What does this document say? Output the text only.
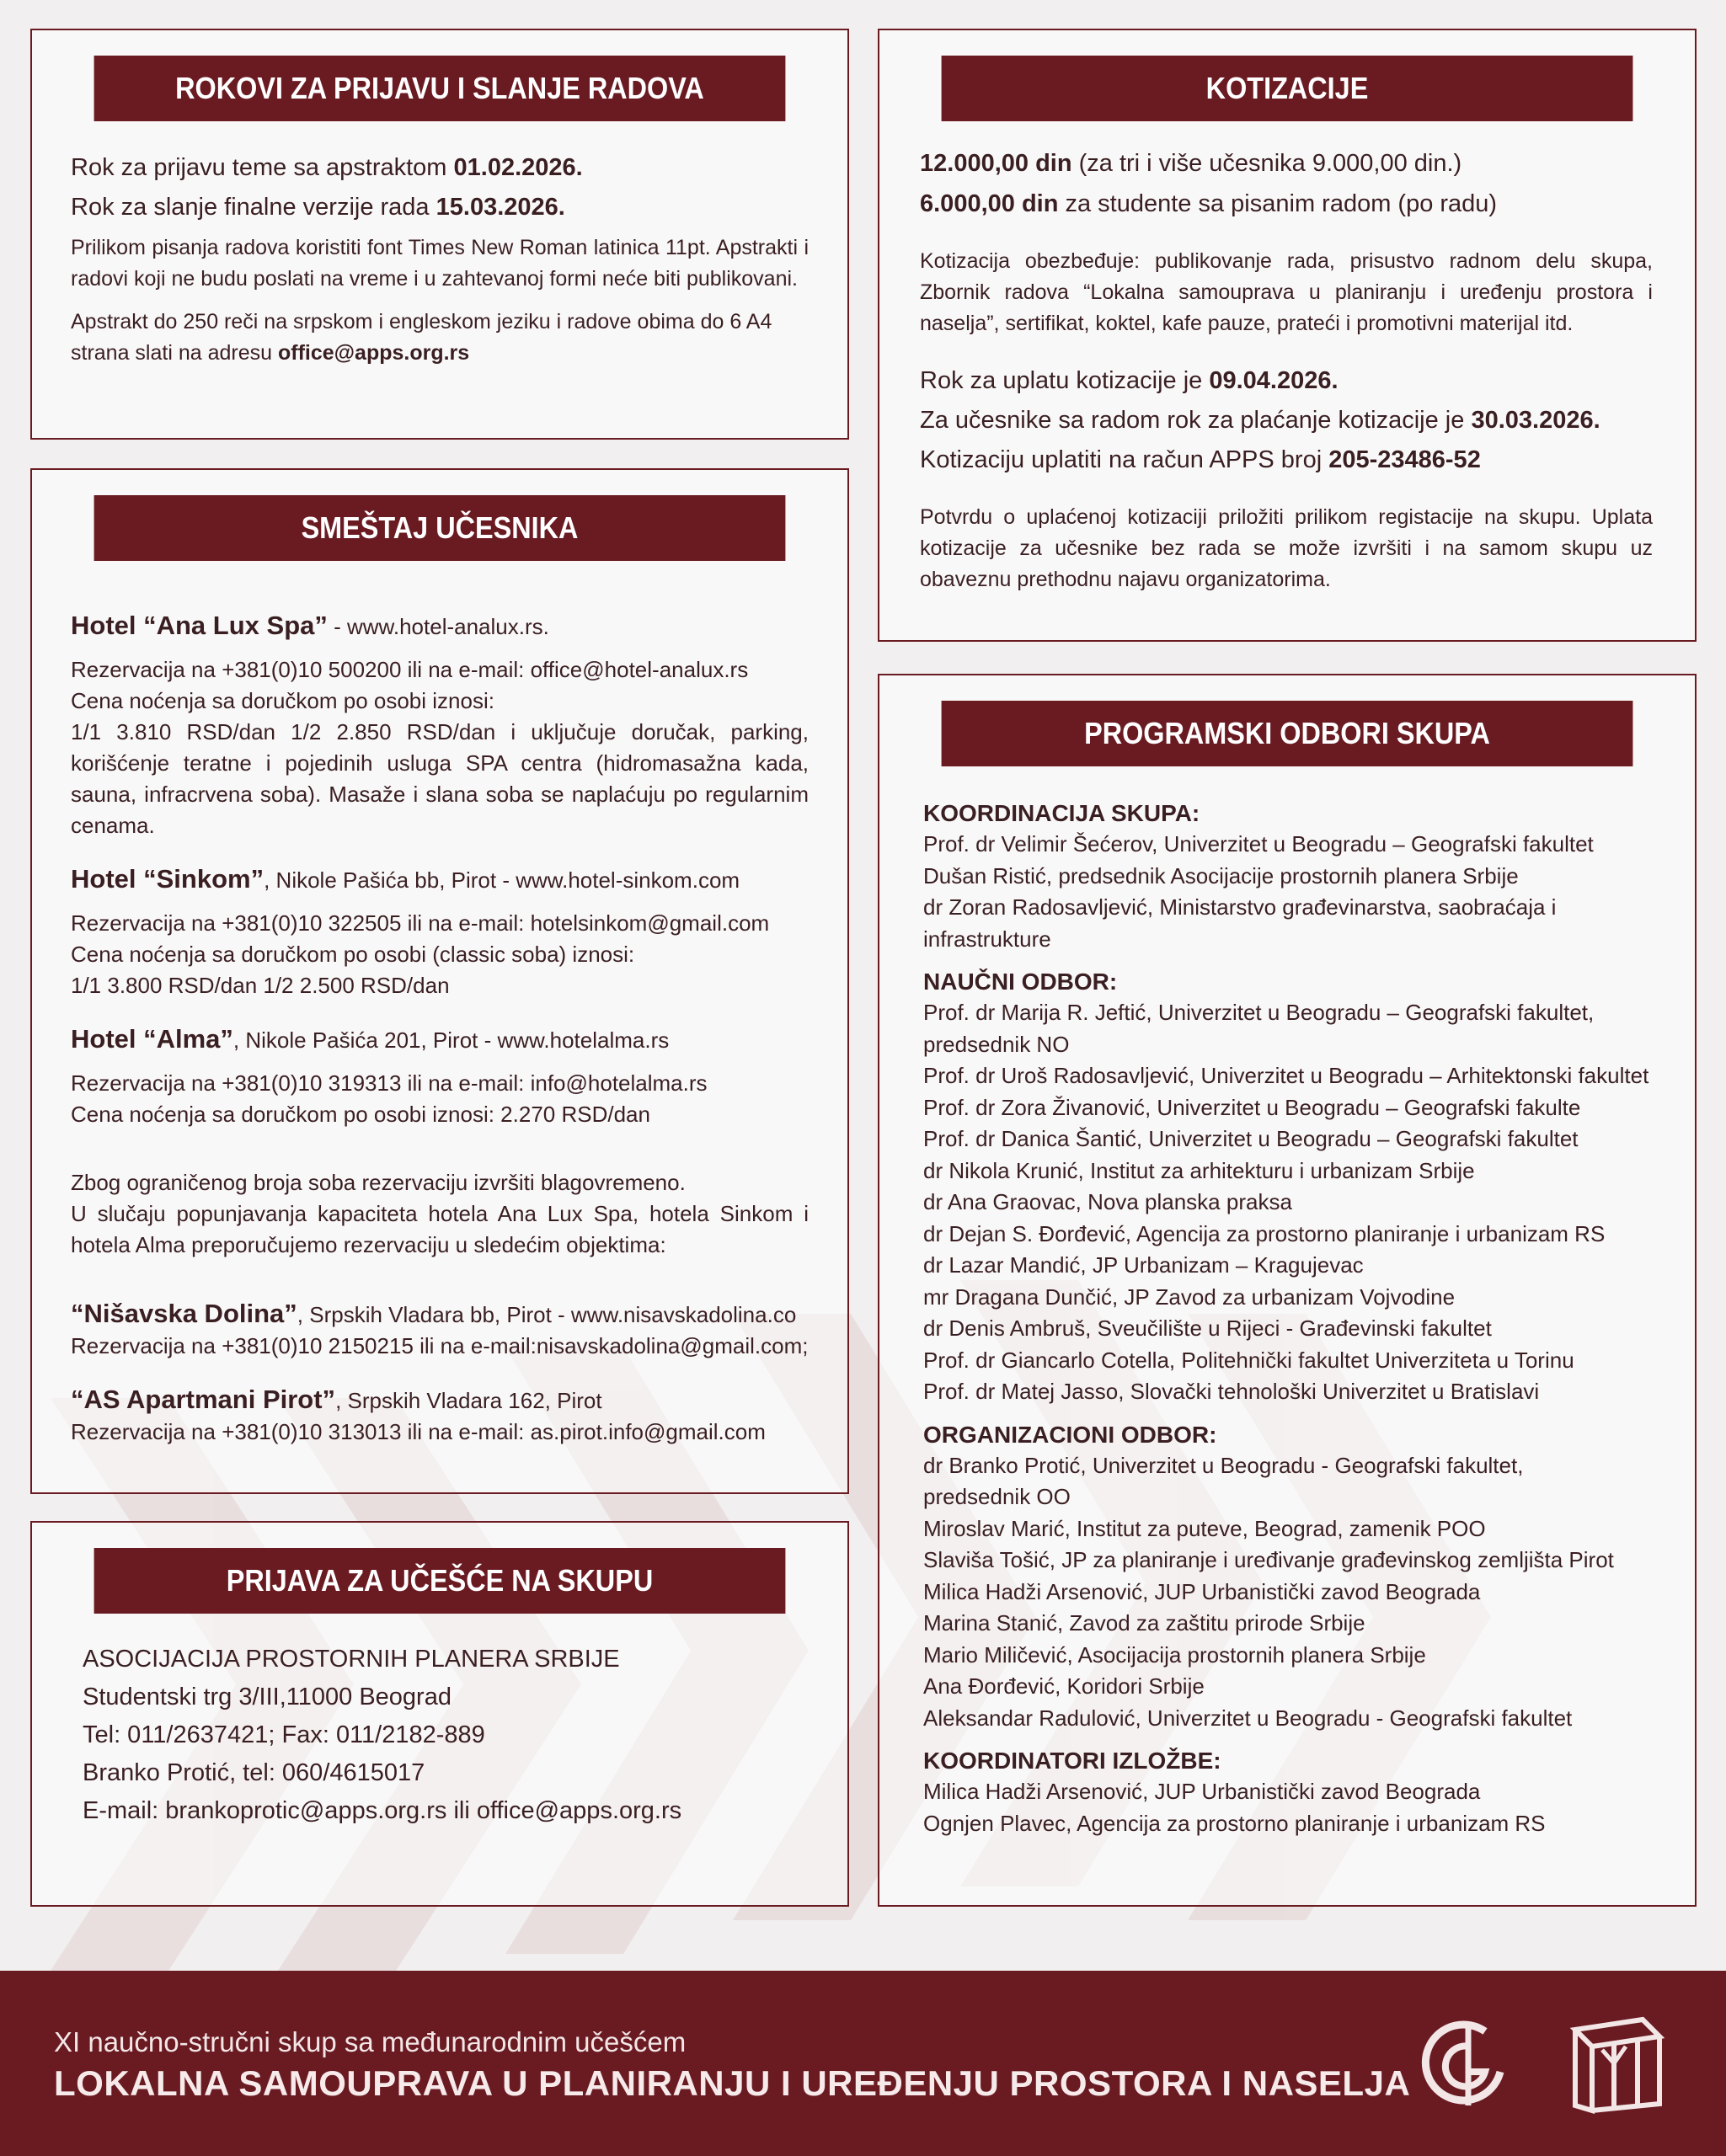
ROKOVI ZA PRIJAVU I SLANJE RADOVA

Rok za prijavu teme sa apstraktom 01.02.2026.

Rok za slanje finalne verzije rada 15.03.2026.

Prilikom pisanja radova koristiti font Times New Roman latinica 11pt. Apstrakti i radovi koji ne budu poslati na vreme i u zahtevanoj formi neće biti publikovani.

Apstrakt do 250 reči na srpskom i engleskom jeziku i radove obima do 6 A4 strana slati na adresu office@apps.org.rs

SMEŠTAJ UČESNIKA

Hotel “Ana Lux Spa” - www.hotel-analux.rs.

Rezervacija na +381(0)10 500200 ili na e-mail: office@hotel-analux.rs

Cena noćenja sa doručkom po osobi iznosi:

1/1 3.810 RSD/dan 1/2 2.850 RSD/dan i uključuje doručak, parking, korišćenje teratne i pojedinih usluga SPA centra (hidromasažna kada, sauna, infracrvena soba). Masaže i slana soba se naplaćuju po regularnim cenama.

Hotel “Sinkom”, Nikole Pašića bb, Pirot - www.hotel-sinkom.com

Rezervacija na +381(0)10 322505 ili na e-mail: hotelsinkom@gmail.com

Cena noćenja sa doručkom po osobi (classic soba) iznosi:

1/1 3.800 RSD/dan 1/2 2.500 RSD/dan

Hotel “Alma”, Nikole Pašića 201, Pirot - www.hotelalma.rs

Rezervacija na +381(0)10 319313 ili na e-mail: info@hotelalma.rs

Cena noćenja sa doručkom po osobi iznosi: 2.270 RSD/dan

Zbog ograničenog broja soba rezervaciju izvršiti blagovremeno.

U slučaju popunjavanja kapaciteta hotela Ana Lux Spa, hotela Sinkom i hotela Alma preporučujemo rezervaciju u sledećim objektima:

“Nišavska Dolina”, Srpskih Vladara bb, Pirot - www.nisavskadolina.co

Rezervacija na +381(0)10 2150215 ili na e-mail:nisavskadolina@gmail.com;

“AS Apartmani Pirot”, Srpskih Vladara 162, Pirot

Rezervacija na +381(0)10 313013 ili na e-mail: as.pirot.info@gmail.com

PRIJAVA ZA UČEŠĆE NA SKUPU

ASOCIJACIJA PROSTORNIH PLANERA SRBIJE

Studentski trg 3/III,11000 Beograd

Tel: 011/2637421; Fax: 011/2182-889

Branko Protić, tel: 060/4615017

E-mail: brankoprotic@apps.org.rs ili office@apps.org.rs

KOTIZACIJE

12.000,00 din (za tri i više učesnika 9.000,00 din.)

6.000,00 din za studente sa pisanim radom (po radu)

Kotizacija obezbeđuje: publikovanje rada, prisustvo radnom delu skupa, Zbornik radova “Lokalna samouprava u planiranju i uređenju prostora i naselja”, sertifikat, koktel, kafe pauze, prateći i promotivni materijal itd.

Rok za uplatu kotizacije je 09.04.2026.

Za učesnike sa radom rok za plaćanje kotizacije je 30.03.2026.

Kotizaciju uplatiti na račun APPS broj 205-23486-52

Potvrdu o uplaćenoj kotizaciji priložiti prilikom registacije na skupu. Uplata kotizacije za učesnike bez rada se može izvršiti i na samom skupu uz obaveznu prethodnu najavu organizatorima.

PROGRAMSKI ODBORI SKUPA

KOORDINACIJA SKUPA:

Prof. dr Velimir Šećerov, Univerzitet u Beogradu – Geografski fakultet

Dušan Ristić, predsednik Asocijacije prostornih planera Srbije

dr Zoran Radosavljević, Ministarstvo građevinarstva, saobraćaja i

infrastrukture

NAUČNI ODBOR:

Prof. dr Marija R. Jeftić, Univerzitet u Beogradu – Geografski fakultet,

predsednik NO

Prof. dr Uroš Radosavljević, Univerzitet u Beogradu – Arhitektonski fakultet

Prof. dr Zora Živanović, Univerzitet u Beogradu – Geografski fakulte

Prof. dr Danica Šantić, Univerzitet u Beogradu – Geografski fakultet

dr Nikola Krunić, Institut za arhitekturu i urbanizam Srbije

dr Ana Graovac, Nova planska praksa

dr Dejan S. Đorđević, Agencija za prostorno planiranje i urbanizam RS

dr Lazar Mandić, JP Urbanizam – Kragujevac

mr Dragana Dunčić, JP Zavod za urbanizam Vojvodine

dr Denis Ambruš, Sveučilište u Rijeci - Građevinski fakultet

Prof. dr Giancarlo Cotella, Politehnički fakultet Univerziteta u Torinu

Prof. dr Matej Jasso, Slovački tehnološki Univerzitet u Bratislavi

ORGANIZACIONI ODBOR:

dr Branko Protić, Univerzitet u Beogradu - Geografski fakultet,

predsednik OO

Miroslav Marić, Institut za puteve, Beograd, zamenik POO

Slaviša Tošić, JP za planiranje i uređivanje građevinskog zemljišta Pirot

Milica Hadži Arsenović, JUP Urbanistički zavod Beograda

Marina Stanić, Zavod za zaštitu prirode Srbije

Mario Miličević, Asocijacija prostornih planera Srbije

Ana Đorđević, Koridori Srbije

Aleksandar Radulović, Univerzitet u Beogradu - Geografski fakultet

KOORDINATORI IZLOŽBE:

Milica Hadži Arsenović, JUP Urbanistički zavod Beograda

Ognjen Plavec, Agencija za prostorno planiranje i urbanizam RS

XI naučno-stručni skup sa međunarodnim učešćem
LOKALNA SAMOUPRAVA U PLANIRANJU I UREĐENJU PROSTORA I NASELJA
